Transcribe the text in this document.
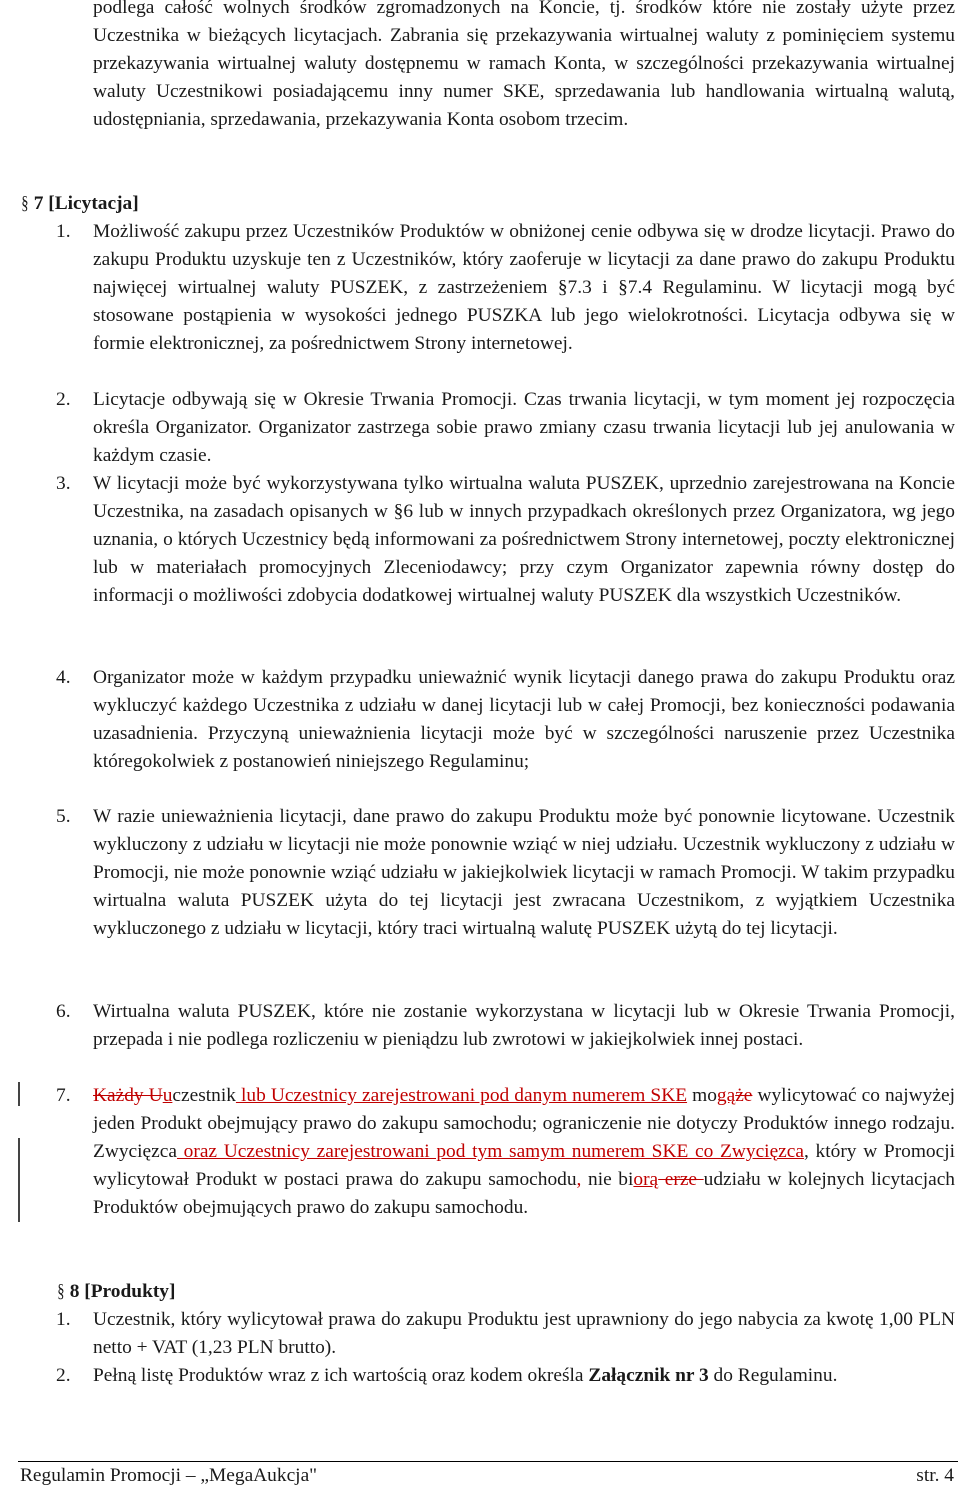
podlega całość wolnych środków zgromadzonych na Koncie, tj. środków które nie zostały użyte przez Uczestnika w bieżących licytacjach. Zabrania się przekazywania wirtualnej waluty z pominięciem systemu przekazywania wirtualnej waluty dostępnemu w ramach Konta, w szczególności przekazywania wirtualnej waluty Uczestnikowi posiadającemu inny numer SKE, sprzedawania lub handlowania wirtualną walutą, udostępniania, sprzedawania, przekazywania Konta osobom trzecim.

§ 7 [Licytacja]
1. Możliwość zakupu przez Uczestników Produktów w obniżonej cenie odbywa się w drodze licytacji. Prawo do zakupu Produktu uzyskuje ten z Uczestników, który zaoferuje w licytacji za dane prawo do zakupu Produktu najwięcej wirtualnej waluty PUSZEK, z zastrzeżeniem §7.3 i §7.4 Regulaminu. W licytacji mogą być stosowane postąpienia w wysokości jednego PUSZKA lub jego wielokrotności. Licytacja odbywa się w formie elektronicznej, za pośrednictwem Strony internetowej.

2. Licytacje odbywają się w Okresie Trwania Promocji. Czas trwania licytacji, w tym moment jej rozpoczęcia określa Organizator. Organizator zastrzega sobie prawo zmiany czasu trwania licytacji lub jej anulowania w każdym czasie.

3. W licytacji może być wykorzystywana tylko wirtualna waluta PUSZEK, uprzednio zarejestrowana na Koncie Uczestnika, na zasadach opisanych w §6 lub w innych przypadkach określonych przez Organizatora, wg jego uznania, o których Uczestnicy będą informowani za pośrednictwem Strony internetowej, poczty elektronicznej lub w materiałach promocyjnych Zleceniodawcy; przy czym Organizator zapewnia równy dostęp do informacji o możliwości zdobycia dodatkowej wirtualnej waluty PUSZEK dla wszystkich Uczestników.

4. Organizator może w każdym przypadku unieważnić wynik licytacji danego prawa do zakupu Produktu oraz wykluczyć każdego Uczestnika z udziału w danej licytacji lub w całej Promocji, bez konieczności podawania uzasadnienia. Przyczyną unieważnienia licytacji może być w szczególności naruszenie przez Uczestnika któregokolwiek z postanowień niniejszego Regulaminu;

5. W razie unieważnienia licytacji, dane prawo do zakupu Produktu może być ponownie licytowane. Uczestnik wykluczony z udziału w licytacji nie może ponownie wziąć w niej udziału. Uczestnik wykluczony z udziału w Promocji, nie może ponownie wziąć udziału w jakiejkolwiek licytacji w ramach Promocji. W takim przypadku wirtualna waluta PUSZEK użyta do tej licytacji jest zwracana Uczestnikom, z wyjątkiem Uczestnika wykluczonego z udziału w licytacji, który traci wirtualną walutę PUSZEK użytą do tej licytacji.

6. Wirtualna waluta PUSZEK, które nie zostanie wykorzystana w licytacji lub w Okresie Trwania Promocji, przepada i nie podlega rozliczeniu w pieniądzu lub zwrotowi w jakiejkolwiek innej postaci.

7. Każdy Uuczestnik lub Uczestnicy zarejestrowani pod danym numerem SKE mogąże wylicytować co najwyżej jeden Produkt obejmujący prawo do zakupu samochodu; ograniczenie nie dotyczy Produktów innego rodzaju. Zwycięzca oraz Uczestnicy zarejestrowani pod tym samym numerem SKE co Zwycięzca, który w Promocji wylicytował Produkt w postaci prawa do zakupu samochodu, nie biorą erze udziału w kolejnych licytacjach Produktów obejmujących prawo do zakupu samochodu.

§ 8 [Produkty]
1. Uczestnik, który wylicytował prawa do zakupu Produktu jest uprawniony do jego nabycia za kwotę 1,00 PLN netto + VAT (1,23 PLN brutto).

2. Pełną listę Produktów wraz z ich wartością oraz kodem określa Załącznik nr 3 do Regulaminu.

Regulamin Promocji – „MegaAukcja"	str. 4
